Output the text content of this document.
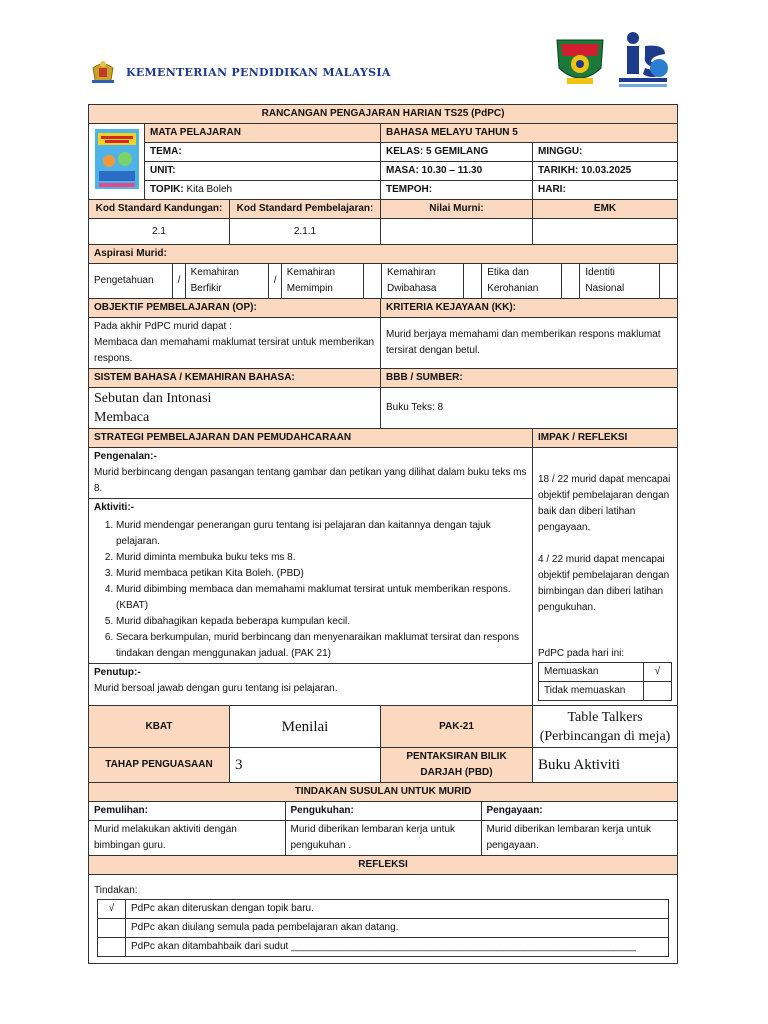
KEMENTERIAN PENDIDIKAN MALAYSIA
RANCANGAN PENGAJARAN HARIAN TS25 (PdPC)
	MATA PELAJARAN	BAHASA MELAYU TAHUN 5
TEMA:	KELAS: 5 GEMILANG	MINGGU:
UNIT:	MASA: 10.30 – 11.30	TARIKH: 10.03.2025
TOPIK: Kita Boleh	TEMPOH:	HARI:
Kod Standard Kandungan:	Kod Standard Pembelajaran:	Nilai Murni:	EMK
2.1	2.1.1		
Aspirasi Murid:

Pengetahuan	/	Kemahiran Berfikir	/	Kemahiran Memimpin		Kemahiran Dwibahasa		Etika dan Kerohanian		Identiti Nasional	

OBJEKTIF PEMBELAJARAN (OP):	KRITERIA KEJAYAAN (KK):

Pada akhir PdPC murid dapat :
Membaca dan memahami maklumat tersirat untuk memberikan respons.
	Murid berjaya memahami dan memberikan respons maklumat tersirat dengan betul.
SISTEM BAHASA / KEMAHIRAN BAHASA:	BBB / SUMBER:

Sebutan dan Intonasi Membaca
	Buku Teks: 8
STRATEGI PEMBELAJARAN DAN PEMUDAHCARAAN	IMPAK / REFLEKSI

Pengenalan:-
Murid berbincang dengan pasangan tentang gambar dan petikan yang dilihat dalam buku teks ms 8.
Aktiviti:-
1. Murid mendengar penerangan guru tentang isi pelajaran dan kaitannya dengan tajuk pelajaran.
2. Murid diminta membuka buku teks ms 8.
3. Murid membaca petikan Kita Boleh. (PBD)
4. Murid dibimbing membaca dan memahami maklumat tersirat untuk memberikan respons. (KBAT)
5. Murid dibahagikan kepada beberapa kumpulan kecil.
6. Secara berkumpulan, murid berbincang dan menyenaraikan maklumat tersirat dan respons tindakan dengan menggunakan jadual. (PAK 21)
Penutup:-
Murid bersoal jawab dengan guru tentang isi pelajaran.

18 / 22 murid dapat mencapai objektif pembelajaran dengan baik dan diberi latihan pengayaan.
4 / 22 murid dapat mencapai objektif pembelajaran dengan bimbingan dan diberi latihan pengukuhan.
PdPC pada hari ini:
Memuaskan	√
Tidak memuaskan	

KBAT	Menilai	PAK-21	Table Talkers (Perbincangan di meja)
TAHAP PENGUASAAN	3	PENTAKSIRAN BILIK DARJAH (PBD)	Buku Aktiviti
TINDAKAN SUSULAN UNTUK MURID

Pemulihan:	Pengukuhan:	Pengayaan:
Murid melakukan aktiviti dengan bimbingan guru.	Murid diberikan lembaran kerja untuk pengukuhan .	Murid diberikan lembaran kerja untuk pengayaan.

REFLEKSI

Tindakan:
√	PdPc akan diteruskan dengan topik baru.
	PdPc akan diulang semula pada pembelajaran akan datang.
	PdPc akan ditambahbaik dari sudut ______________________________________________________________
